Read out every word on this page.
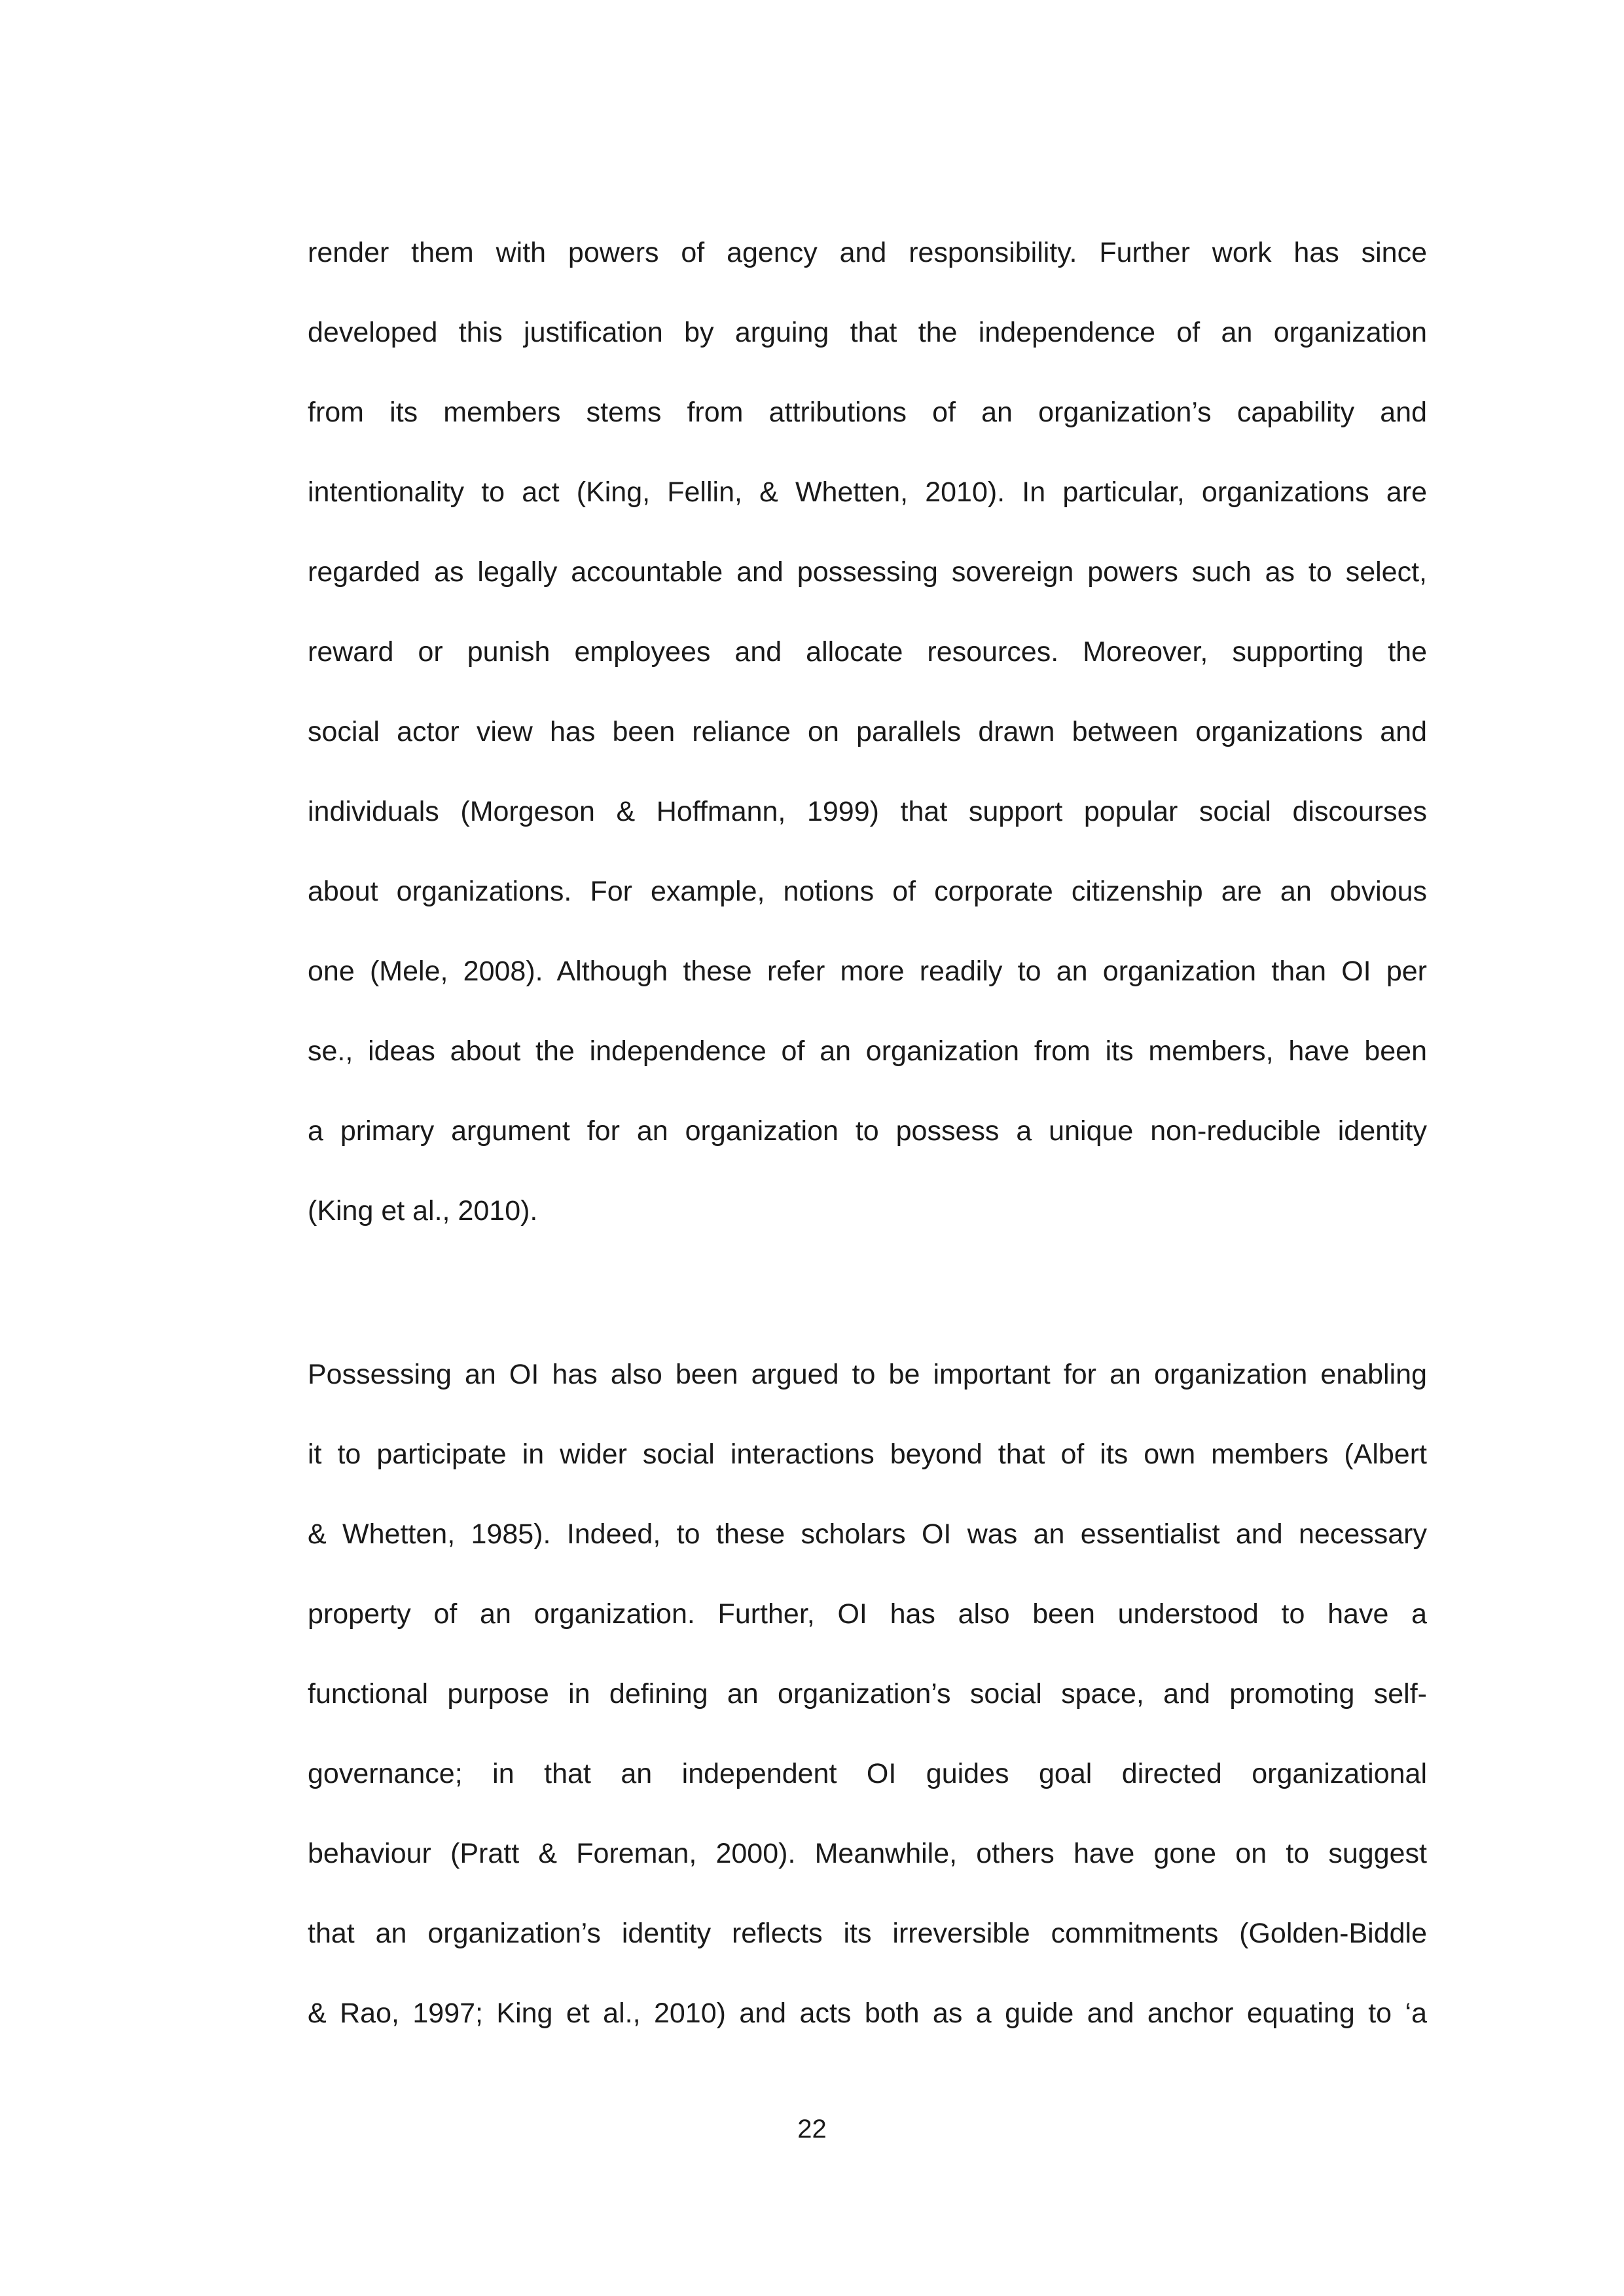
render them with powers of agency and responsibility. Further work has since
developed this justification by arguing that the independence of an organization
from its members stems from attributions of an organization’s capability and
intentionality to act (King, Fellin, & Whetten, 2010). In particular, organizations are
regarded as legally accountable and possessing sovereign powers such as to select,
reward or punish employees and allocate resources. Moreover, supporting the
social actor view has been reliance on parallels drawn between organizations and
individuals (Morgeson & Hoffmann, 1999) that support popular social discourses
about organizations. For example, notions of corporate citizenship are an obvious
one (Mele, 2008). Although these refer more readily to an organization than OI per
se., ideas about the independence of an organization from its members, have been
a primary argument for an organization to possess a unique non-reducible identity
(King et al., 2010).
Possessing an OI has also been argued to be important for an organization enabling
it to participate in wider social interactions beyond that of its own members (Albert
& Whetten, 1985). Indeed, to these scholars OI was an essentialist and necessary
property of an organization. Further, OI has also been understood to have a
functional purpose in defining an organization’s social space, and promoting self-
governance; in that an independent OI guides goal directed organizational
behaviour (Pratt & Foreman, 2000). Meanwhile, others have gone on to suggest
that an organization’s identity reflects its irreversible commitments (Golden-Biddle
& Rao, 1997; King et al., 2010) and acts both as a guide and anchor equating to ‘a
22
